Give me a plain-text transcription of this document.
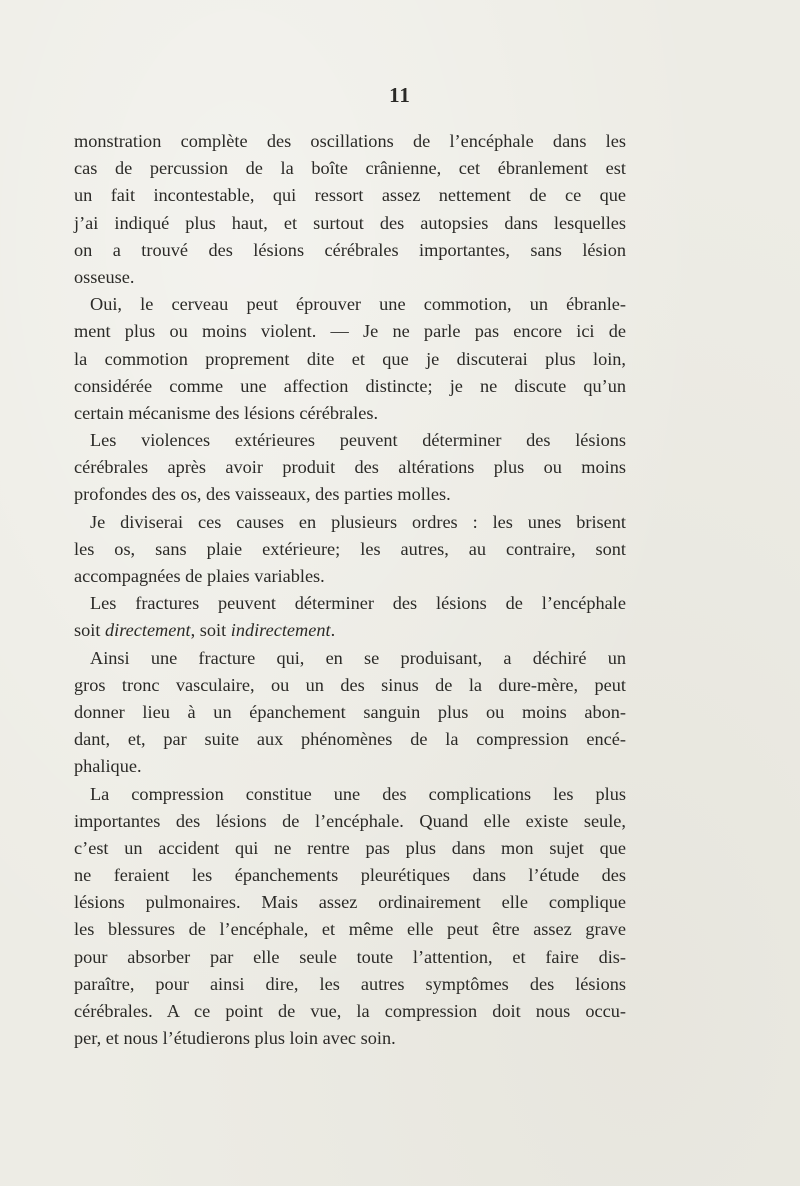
11
monstration complète des oscillations de l’encéphale dans les
cas de percussion de la boîte crânienne, cet ébranlement est
un fait incontestable, qui ressort assez nettement de ce que
j’ai indiqué plus haut, et surtout des autopsies dans lesquelles
on a trouvé des lésions cérébrales importantes, sans lésion
osseuse.
Oui, le cerveau peut éprouver une commotion, un ébranle-
ment plus ou moins violent. — Je ne parle pas encore ici de
la commotion proprement dite et que je discuterai plus loin,
considérée comme une affection distincte; je ne discute qu’un
certain mécanisme des lésions cérébrales.
Les violences extérieures peuvent déterminer des lésions
cérébrales après avoir produit des altérations plus ou moins
profondes des os, des vaisseaux, des parties molles.
Je diviserai ces causes en plusieurs ordres : les unes brisent
les os, sans plaie extérieure; les autres, au contraire, sont
accompagnées de plaies variables.
Les fractures peuvent déterminer des lésions de l’encéphale
soit directement, soit indirectement.
Ainsi une fracture qui, en se produisant, a déchiré un
gros tronc vasculaire, ou un des sinus de la dure-mère, peut
donner lieu à un épanchement sanguin plus ou moins abon-
dant, et, par suite aux phénomènes de la compression encé-
phalique.
La compression constitue une des complications les plus
importantes des lésions de l’encéphale. Quand elle existe seule,
c’est un accident qui ne rentre pas plus dans mon sujet que
ne feraient les épanchements pleurétiques dans l’étude des
lésions pulmonaires. Mais assez ordinairement elle complique
les blessures de l’encéphale, et même elle peut être assez grave
pour absorber par elle seule toute l’attention, et faire dis-
paraître, pour ainsi dire, les autres symptômes des lésions
cérébrales. A ce point de vue, la compression doit nous occu-
per, et nous l’étudierons plus loin avec soin.
